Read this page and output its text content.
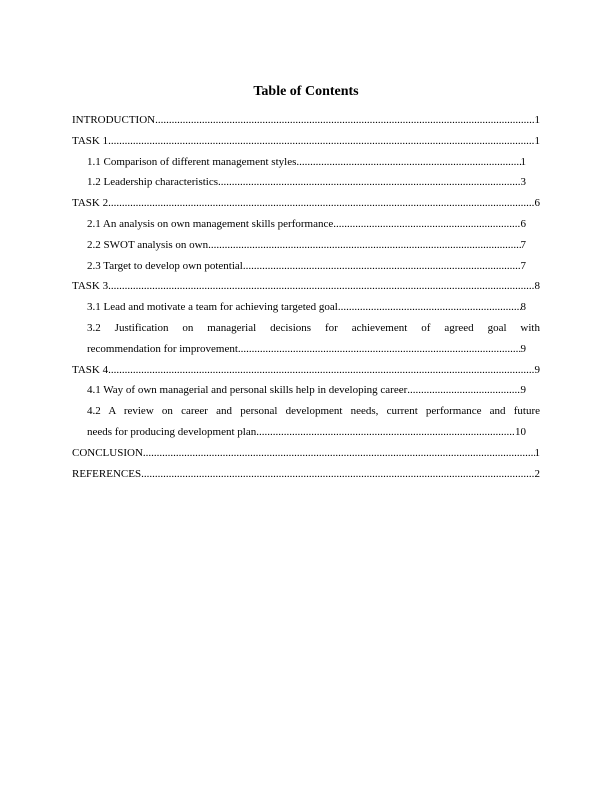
Table of Contents
INTRODUCTION .....	1
TASK 1 .....	1
1.1 Comparison of different management styles .....	1
1.2 Leadership characteristics .....	3
TASK 2 .....	6
2.1 An analysis on own management skills performance .....	6
2.2 SWOT analysis on own .....	7
2.3 Target to develop own potential .....	7
TASK 3 .....	8
3.1 Lead and motivate a team for achieving targeted goal .....	8
3.2 Justification on managerial decisions for achievement of agreed goal with
recommendation for improvement .....	9
TASK 4 .....	9
4.1 Way of own managerial and personal skills help in developing career .....	9
4.2 A review on career and personal development needs, current performance and future
needs for producing development plan .....	10
CONCLUSION .....	1
REFERENCES .....	2
